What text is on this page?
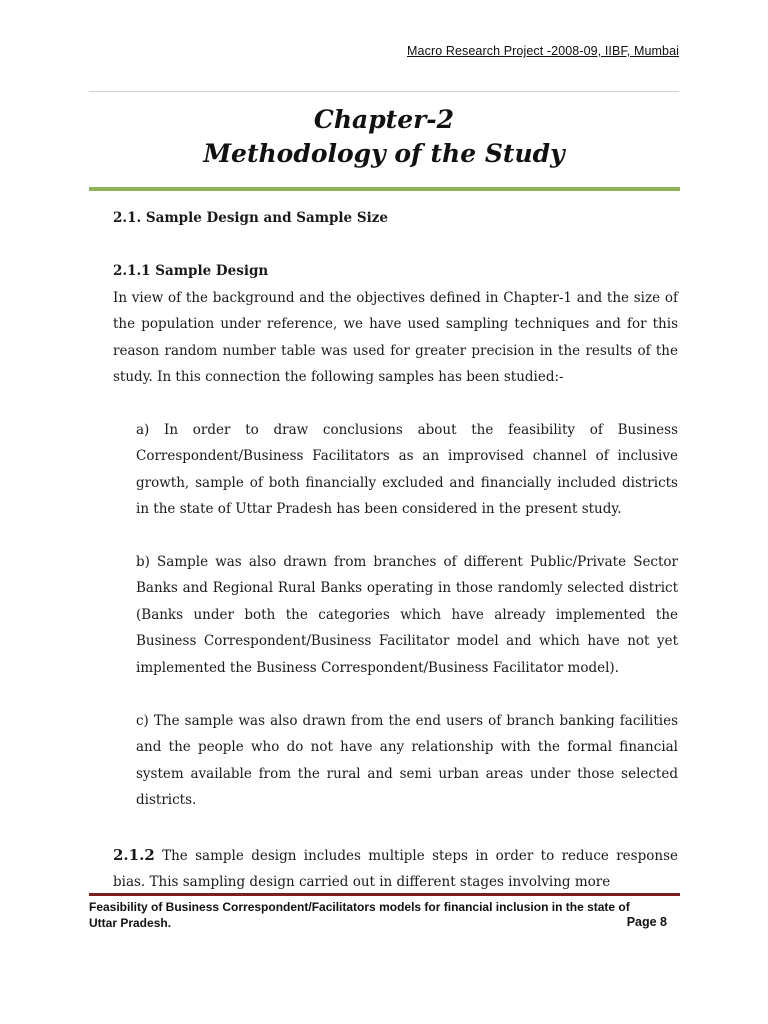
Macro Research Project -2008-09, IIBF, Mumbai
Chapter-2
Methodology of the Study
2.1. Sample Design and Sample Size
2.1.1 Sample Design
In view of the background and the objectives defined in Chapter-1 and the size of the population under reference, we have used sampling techniques and for this reason random number table was used for greater precision in the results of the study. In this connection the following samples has been studied:-
a) In order to draw conclusions about the feasibility of Business Correspondent/Business Facilitators as an improvised channel of inclusive growth, sample of both financially excluded and financially included districts in the state of Uttar Pradesh has been considered in the present study.
b) Sample was also drawn from branches of different Public/Private Sector Banks and Regional Rural Banks operating in those randomly selected district (Banks under both the categories which have already implemented the Business Correspondent/Business Facilitator model and which have not yet implemented the Business Correspondent/Business Facilitator model).
c) The sample was also drawn from the end users of branch banking facilities and the people who do not have any relationship with the formal financial system available from the rural and semi urban areas under those selected districts.
2.1.2 The sample design includes multiple steps in order to reduce response bias. This sampling design carried out in different stages involving more
Feasibility of Business Correspondent/Facilitators models for financial inclusion in the state of Uttar Pradesh.	Page 8
